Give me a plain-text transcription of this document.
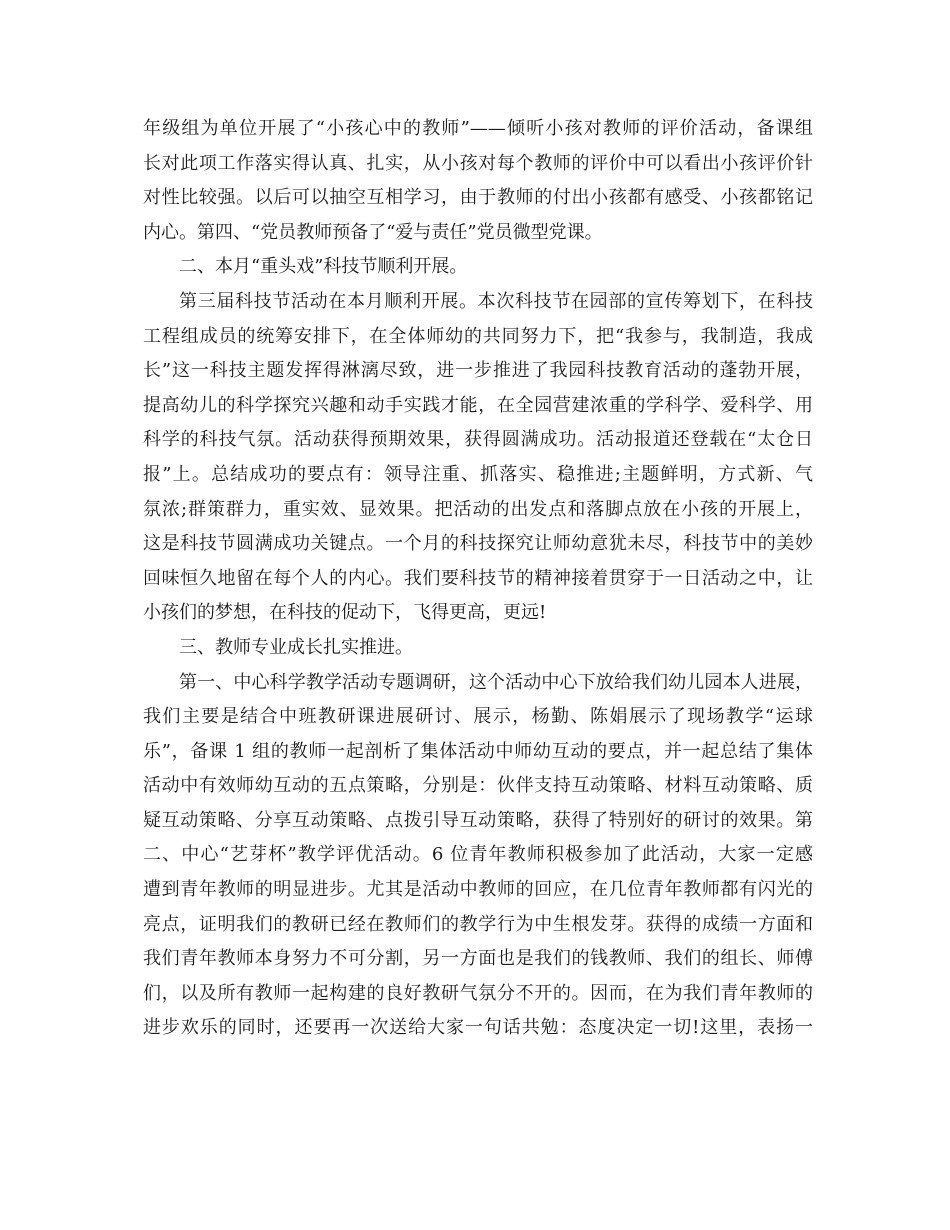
年级组为单位开展了“小孩心中的教师”——倾听小孩对教师的评价活动，备课组
长对此项工作落实得认真、扎实，从小孩对每个教师的评价中可以看出小孩评价针
对性比较强。以后可以抽空互相学习，由于教师的付出小孩都有感受、小孩都铭记
内心。第四、“党员教师预备了“爱与责任”党员微型党课。
二、本月“重头戏”科技节顺利开展。
第三届科技节活动在本月顺利开展。本次科技节在园部的宣传筹划下，在科技
工程组成员的统筹安排下，在全体师幼的共同努力下，把“我参与，我制造，我成
长”这一科技主题发挥得淋漓尽致，进一步推进了我园科技教育活动的蓬勃开展，
提高幼儿的科学探究兴趣和动手实践才能，在全园营建浓重的学科学、爱科学、用
科学的科技气氛。活动获得预期效果，获得圆满成功。活动报道还登载在“太仓日
报”上。总结成功的要点有：领导注重、抓落实、稳推进;主题鲜明，方式新、气
氛浓;群策群力，重实效、显效果。把活动的出发点和落脚点放在小孩的开展上，
这是科技节圆满成功关键点。一个月的科技探究让师幼意犹未尽，科技节中的美妙
回味恒久地留在每个人的内心。我们要科技节的精神接着贯穿于一日活动之中，让
小孩们的梦想，在科技的促动下，飞得更高，更远!
三、教师专业成长扎实推进。
第一、中心科学教学活动专题调研，这个活动中心下放给我们幼儿园本人进展，
我们主要是结合中班教研课进展研讨、展示，杨勤、陈娟展示了现场教学“运球
乐”，备课 1 组的教师一起剖析了集体活动中师幼互动的要点，并一起总结了集体
活动中有效师幼互动的五点策略，分别是：伙伴支持互动策略、材料互动策略、质
疑互动策略、分享互动策略、点拨引导互动策略，获得了特别好的研讨的效果。第
二、中心“艺芽杯”教学评优活动。6 位青年教师积极参加了此活动，大家一定感
遭到青年教师的明显进步。尤其是活动中教师的回应，在几位青年教师都有闪光的
亮点，证明我们的教研已经在教师们的教学行为中生根发芽。获得的成绩一方面和
我们青年教师本身努力不可分割，另一方面也是我们的钱教师、我们的组长、师傅
们，以及所有教师一起构建的良好教研气氛分不开的。因而，在为我们青年教师的
进步欢乐的同时，还要再一次送给大家一句话共勉：态度决定一切!这里，表扬一
